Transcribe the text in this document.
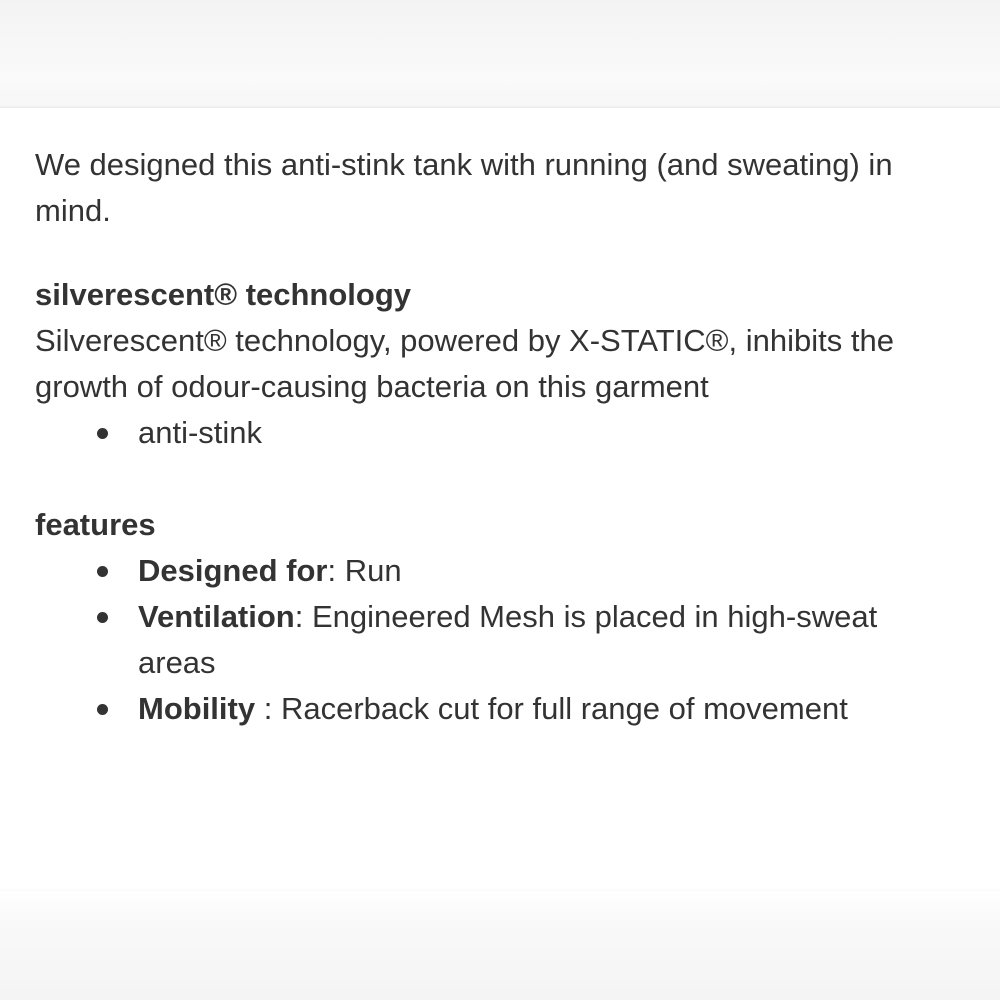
We designed this anti-stink tank with running (and sweating) in mind.

silverescent® technology

Silverescent® technology, powered by X-STATIC®, inhibits the growth of odour-causing bacteria on this garment

anti-stink
features
Designed for: Run
Ventilation: Engineered Mesh is placed in high-sweat areas
Mobility : Racerback cut for full range of movement
